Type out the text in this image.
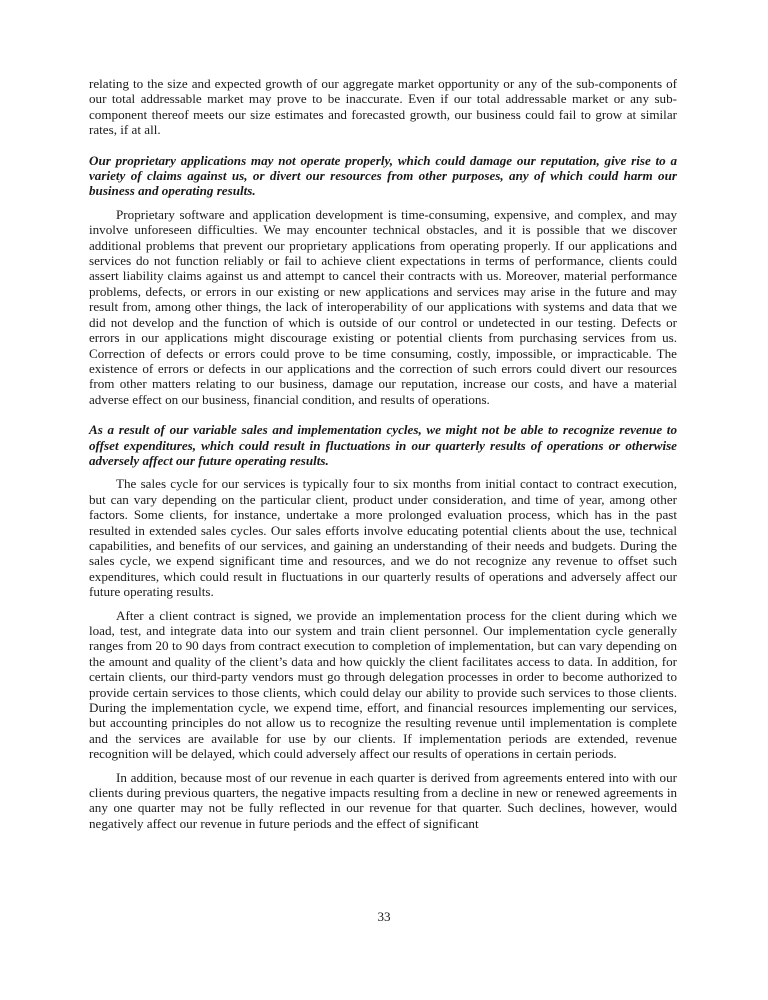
relating to the size and expected growth of our aggregate market opportunity or any of the sub-components of our total addressable market may prove to be inaccurate. Even if our total addressable market or any sub-component thereof meets our size estimates and forecasted growth, our business could fail to grow at similar rates, if at all.

Our proprietary applications may not operate properly, which could damage our reputation, give rise to a variety of claims against us, or divert our resources from other purposes, any of which could harm our business and operating results.

Proprietary software and application development is time-consuming, expensive, and complex, and may involve unforeseen difficulties. We may encounter technical obstacles, and it is possible that we discover additional problems that prevent our proprietary applications from operating properly. If our applications and services do not function reliably or fail to achieve client expectations in terms of performance, clients could assert liability claims against us and attempt to cancel their contracts with us. Moreover, material performance problems, defects, or errors in our existing or new applications and services may arise in the future and may result from, among other things, the lack of interoperability of our applications with systems and data that we did not develop and the function of which is outside of our control or undetected in our testing. Defects or errors in our applications might discourage existing or potential clients from purchasing services from us. Correction of defects or errors could prove to be time consuming, costly, impossible, or impracticable. The existence of errors or defects in our applications and the correction of such errors could divert our resources from other matters relating to our business, damage our reputation, increase our costs, and have a material adverse effect on our business, financial condition, and results of operations.

As a result of our variable sales and implementation cycles, we might not be able to recognize revenue to offset expenditures, which could result in fluctuations in our quarterly results of operations or otherwise adversely affect our future operating results.

The sales cycle for our services is typically four to six months from initial contact to contract execution, but can vary depending on the particular client, product under consideration, and time of year, among other factors. Some clients, for instance, undertake a more prolonged evaluation process, which has in the past resulted in extended sales cycles. Our sales efforts involve educating potential clients about the use, technical capabilities, and benefits of our services, and gaining an understanding of their needs and budgets. During the sales cycle, we expend significant time and resources, and we do not recognize any revenue to offset such expenditures, which could result in fluctuations in our quarterly results of operations and adversely affect our future operating results.

After a client contract is signed, we provide an implementation process for the client during which we load, test, and integrate data into our system and train client personnel. Our implementation cycle generally ranges from 20 to 90 days from contract execution to completion of implementation, but can vary depending on the amount and quality of the client’s data and how quickly the client facilitates access to data. In addition, for certain clients, our third-party vendors must go through delegation processes in order to become authorized to provide certain services to those clients, which could delay our ability to provide such services to those clients. During the implementation cycle, we expend time, effort, and financial resources implementing our services, but accounting principles do not allow us to recognize the resulting revenue until implementation is complete and the services are available for use by our clients. If implementation periods are extended, revenue recognition will be delayed, which could adversely affect our results of operations in certain periods.

In addition, because most of our revenue in each quarter is derived from agreements entered into with our clients during previous quarters, the negative impacts resulting from a decline in new or renewed agreements in any one quarter may not be fully reflected in our revenue for that quarter. Such declines, however, would negatively affect our revenue in future periods and the effect of significant

33
